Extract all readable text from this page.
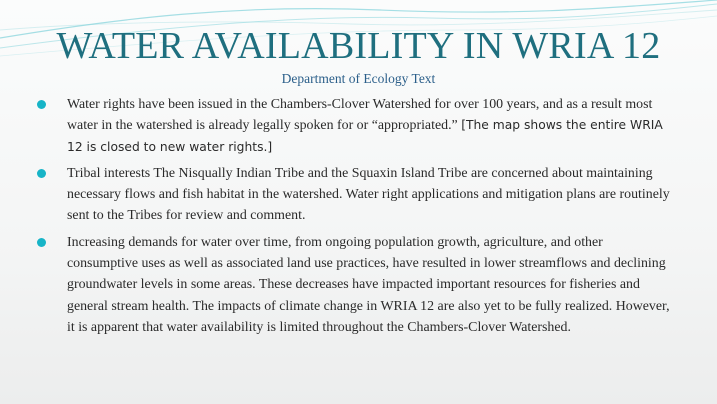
WATER AVAILABILITY IN WRIA 12
Department of Ecology Text
Water rights have been issued in the Chambers-Clover Watershed for over 100 years, and as a result most water in the watershed is already legally spoken for or “appropriated.” [The map shows the entire WRIA 12 is closed to new water rights.]
Tribal interests The Nisqually Indian Tribe and the Squaxin Island Tribe are concerned about maintaining necessary flows and fish habitat in the watershed. Water right applications and mitigation plans are routinely sent to the Tribes for review and comment.
Increasing demands for water over time, from ongoing population growth, agriculture, and other consumptive uses as well as associated land use practices, have resulted in lower streamflows and declining groundwater levels in some areas. These decreases have impacted important resources for fisheries and general stream health. The impacts of climate change in WRIA 12 are also yet to be fully realized. However, it is apparent that water availability is limited throughout the Chambers-Clover Watershed.
